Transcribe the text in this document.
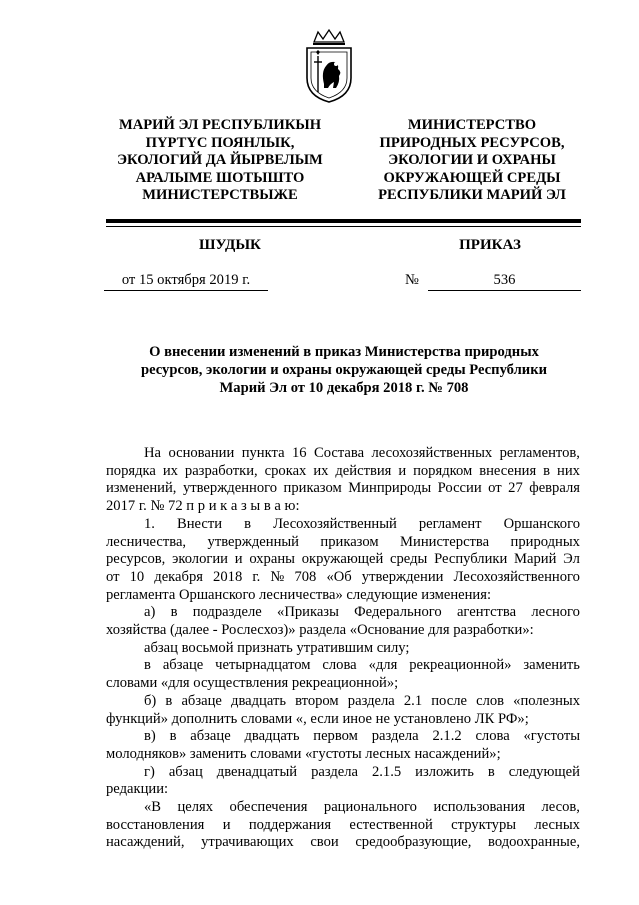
МАРИЙ ЭЛ РЕСПУБЛИКЫН
ПҮРТҮС ПОЯНЛЫК,
ЭКОЛОГИЙ ДА ЙЫРВЕЛЫМ
АРАЛЫМЕ ШОТЫШТО
МИНИСТЕРСТВЫЖЕ
МИНИСТЕРСТВО
ПРИРОДНЫХ РЕСУРСОВ,
ЭКОЛОГИИ И ОХРАНЫ
ОКРУЖАЮЩЕЙ СРЕДЫ
РЕСПУБЛИКИ МАРИЙ ЭЛ
ШУДЫК	ПРИКАЗ
от 15 октября 2019 г.	№	536
О внесении изменений в приказ Министерства природных
ресурсов, экологии и охраны окружающей среды Республики
Марий Эл от 10 декабря 2018 г. № 708
На основании пункта 16 Состава лесохозяйственных регламентов,
порядка их разработки, сроках их действия и порядком внесения в них
изменений, утвержденного приказом Минприроды России от 27 февраля
2017 г. № 72 п р и к а з ы в а ю:
1. Внести в Лесохозяйственный регламент Оршанского
лесничества, утвержденный приказом Министерства природных
ресурсов, экологии и охраны окружающей среды Республики Марий Эл
от 10 декабря 2018 г. № 708 «Об утверждении Лесохозяйственного
регламента Оршанского лесничества» следующие изменения:
а) в подразделе «Приказы Федерального агентства лесного
хозяйства (далее - Рослесхоз)» раздела «Основание для разработки»:
абзац восьмой признать утратившим силу;
в абзаце четырнадцатом слова «для рекреационной» заменить
словами «для осуществления рекреационной»;
б) в абзаце двадцать втором раздела 2.1 после слов «полезных
функций» дополнить словами «, если иное не установлено ЛК РФ»;
в) в абзаце двадцать первом раздела 2.1.2 слова «густоты
молодняков» заменить словами «густоты лесных насаждений»;
г) абзац двенадцатый раздела 2.1.5 изложить в следующей
редакции:
«В целях обеспечения рационального использования лесов,
восстановления и поддержания естественной структуры лесных
насаждений, утрачивающих свои средообразующие, водоохранные,
